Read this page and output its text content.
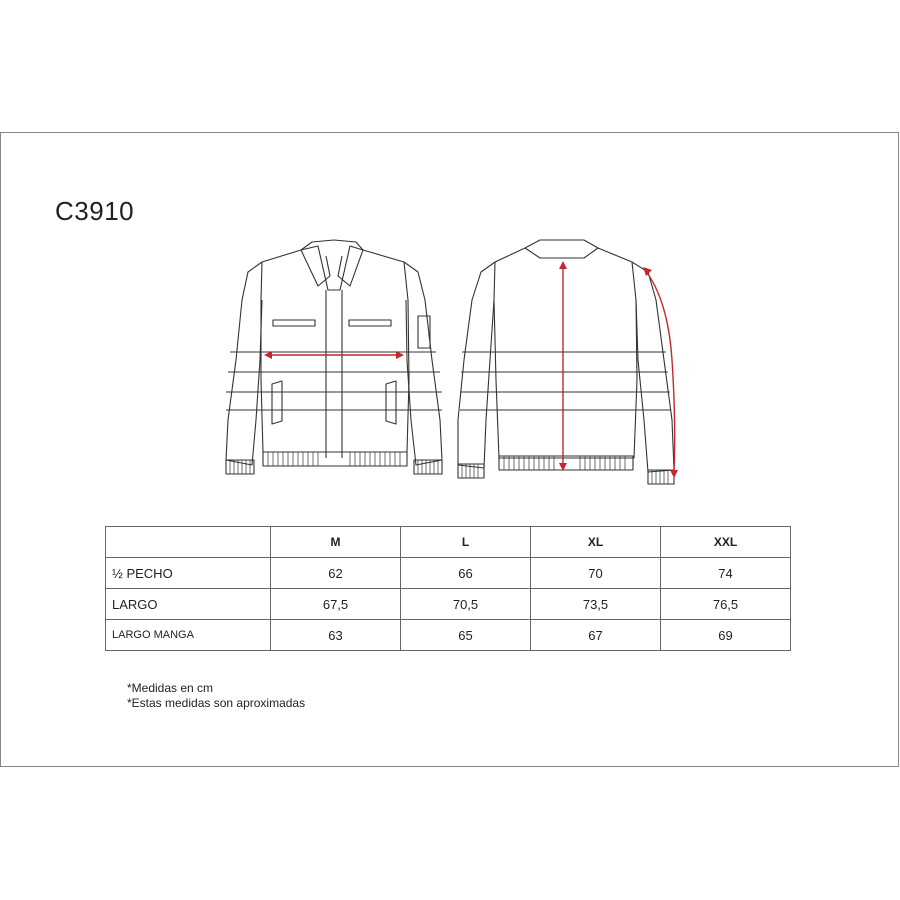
C3910
	M	L	XL	XXL
½ PECHO	62	66	70	74
LARGO	67,5	70,5	73,5	76,5
LARGO MANGA	63	65	67	69
*Medidas en cm
*Estas medidas son aproximadas
